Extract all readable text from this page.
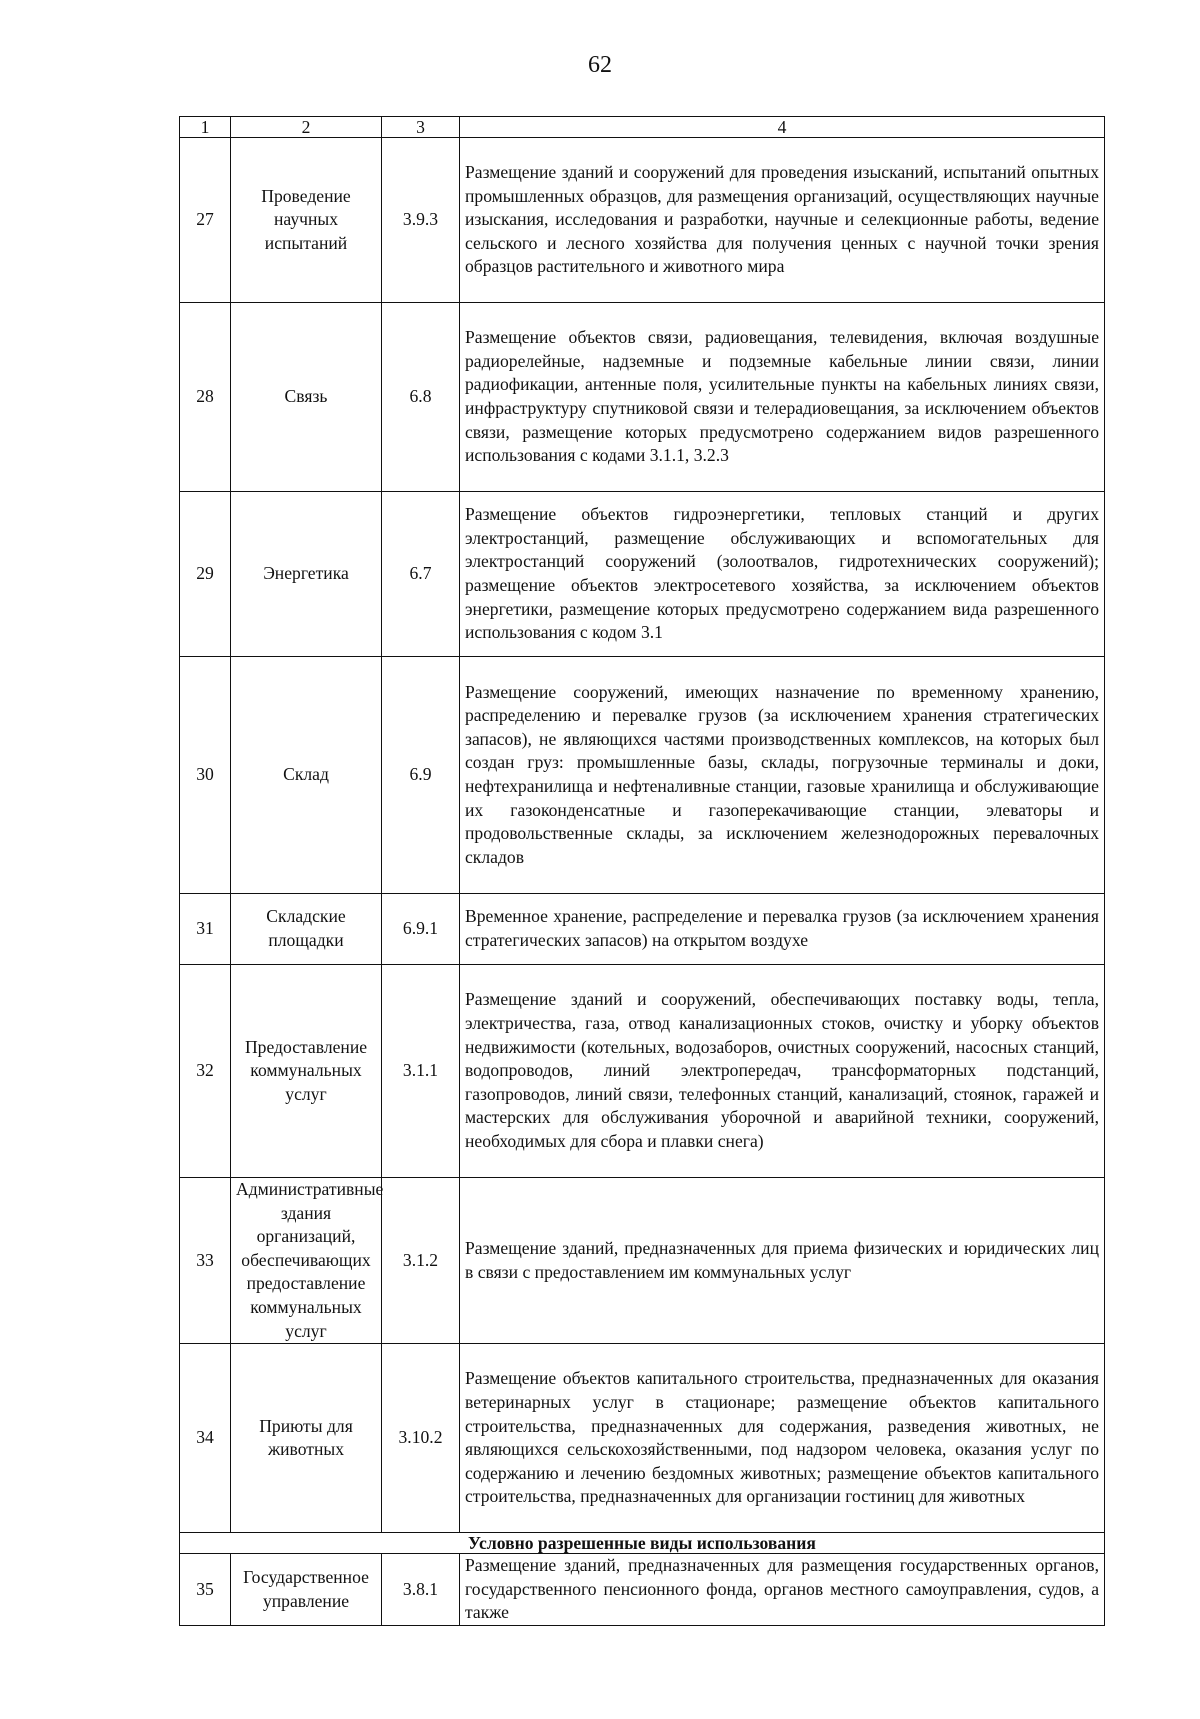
62
1	2	3	4
27	Проведение научных испытаний	3.9.3	Размещение зданий и сооружений для проведения изысканий, испытаний опытных промышленных образцов, для размещения организаций, осуществляющих научные изыскания, исследования и разработки, научные и селекционные работы, ведение сельского и лесного хозяйства для получения ценных с научной точки зрения образцов растительного и животного мира
28	Связь	6.8	Размещение объектов связи, радиовещания, телевидения, включая воздушные радиорелейные, надземные и подземные кабельные линии связи, линии радиофикации, антенные поля, усилительные пункты на кабельных линиях связи, инфраструктуру спутниковой связи и телерадиовещания, за исключением объектов связи, размещение которых предусмотрено содержанием видов разрешенного использования с кодами 3.1.1, 3.2.3
29	Энергетика	6.7	Размещение объектов гидроэнергетики, тепловых станций и других электростанций, размещение обслуживающих и вспомогательных для электростанций сооружений (золоотвалов, гидротехнических сооружений); размещение объектов электросетевого хозяйства, за исключением объектов энергетики, размещение которых предусмотрено содержанием вида разрешенного использования с кодом 3.1
30	Склад	6.9	Размещение сооружений, имеющих назначение по временному хранению, распределению и перевалке грузов (за исключением хранения стратегических запасов), не являющихся частями производственных комплексов, на которых был создан груз: промышленные базы, склады, погрузочные терминалы и доки, нефтехранилища и нефтеналивные станции, газовые хранилища и обслуживающие их газоконденсатные и газоперекачивающие станции, элеваторы и продовольственные склады, за исключением железнодорожных перевалочных складов
31	Складские площадки	6.9.1	Временное хранение, распределение и перевалка грузов (за исключением хранения стратегических запасов) на открытом воздухе
32	Предоставление коммунальных услуг	3.1.1	Размещение зданий и сооружений, обеспечивающих поставку воды, тепла, электричества, газа, отвод канализационных стоков, очистку и уборку объектов недвижимости (котельных, водозаборов, очистных сооружений, насосных станций, водопроводов, линий электропередач, трансформаторных подстанций, газопроводов, линий связи, телефонных станций, канализаций, стоянок, гаражей и мастерских для обслуживания уборочной и аварийной техники, сооружений, необходимых для сбора и плавки снега)
33	Административные здания организаций, обеспечивающих предоставление коммунальных услуг	3.1.2	Размещение зданий, предназначенных для приема физических и юридических лиц в связи с предоставлением им коммунальных услуг
34	Приюты для животных	3.10.2	Размещение объектов капитального строительства, предназначенных для оказания ветеринарных услуг в стационаре; размещение объектов капитального строительства, предназначенных для содержания, разведения животных, не являющихся сельскохозяйственными, под надзором человека, оказания услуг по содержанию и лечению бездомных животных; размещение объектов капитального строительства, предназначенных для организации гостиниц для животных
Условно разрешенные виды использования			
35	Государственное управление	3.8.1	Размещение зданий, предназначенных для размещения государственных органов, государственного пенсионного фонда, органов местного самоуправления, судов, а также
